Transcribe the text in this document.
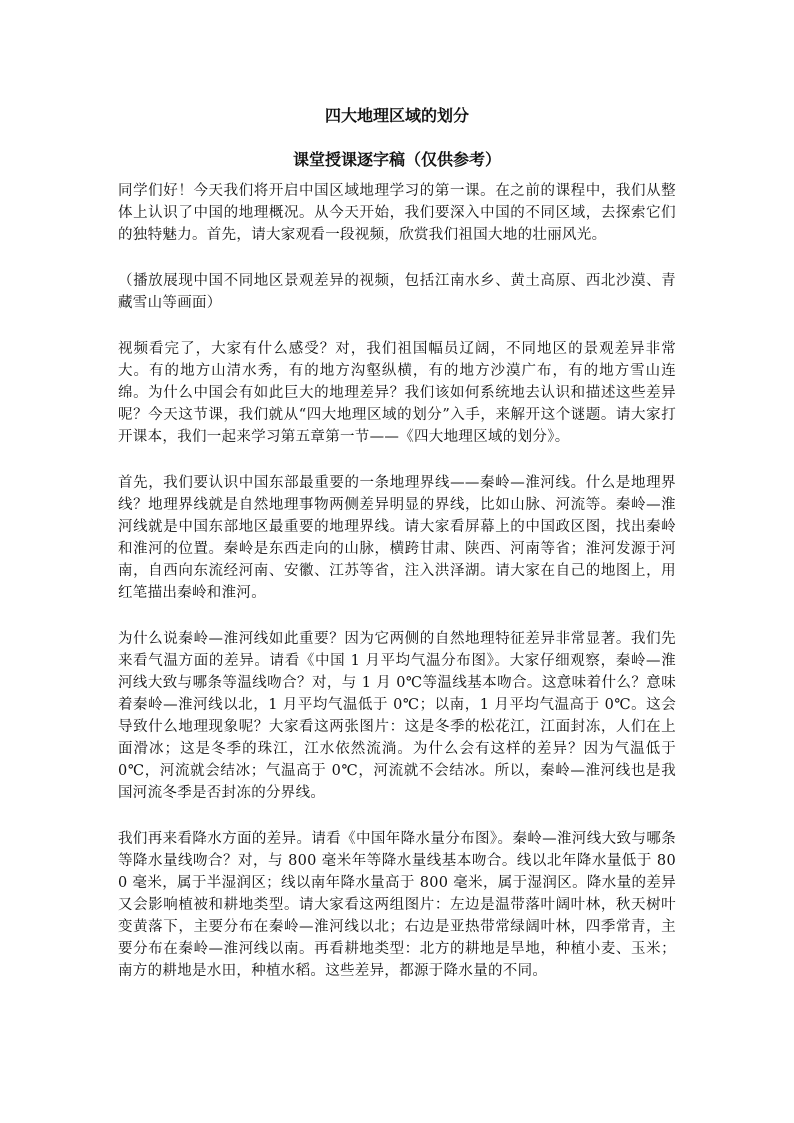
四大地理区域的划分
课堂授课逐字稿（仅供参考）

同学们好！今天我们将开启中国区域地理学习的第一课。在之前的课程中，我们从整体上认识了中国的地理概况。从今天开始，我们要深入中国的不同区域，去探索它们的独特魅力。首先，请大家观看一段视频，欣赏我们祖国大地的壮丽风光。

（播放展现中国不同地区景观差异的视频，包括江南水乡、黄土高原、西北沙漠、青藏雪山等画面）

视频看完了，大家有什么感受？对，我们祖国幅员辽阔，不同地区的景观差异非常大。有的地方山清水秀，有的地方沟壑纵横，有的地方沙漠广布，有的地方雪山连绵。为什么中国会有如此巨大的地理差异？我们该如何系统地去认识和描述这些差异呢？今天这节课，我们就从“四大地理区域的划分”入手，来解开这个谜题。请大家打开课本，我们一起来学习第五章第一节——《四大地理区域的划分》。

首先，我们要认识中国东部最重要的一条地理界线——秦岭—淮河线。什么是地理界线？地理界线就是自然地理事物两侧差异明显的界线，比如山脉、河流等。秦岭—淮河线就是中国东部地区最重要的地理界线。请大家看屏幕上的中国政区图，找出秦岭和淮河的位置。秦岭是东西走向的山脉，横跨甘肃、陕西、河南等省；淮河发源于河南，自西向东流经河南、安徽、江苏等省，注入洪泽湖。请大家在自己的地图上，用红笔描出秦岭和淮河。

为什么说秦岭—淮河线如此重要？因为它两侧的自然地理特征差异非常显著。我们先来看气温方面的差异。请看《中国 1 月平均气温分布图》。大家仔细观察，秦岭—淮河线大致与哪条等温线吻合？对，与 1 月 0℃等温线基本吻合。这意味着什么？意味着秦岭—淮河线以北，1 月平均气温低于 0℃；以南，1 月平均气温高于 0℃。这会导致什么地理现象呢？大家看这两张图片：这是冬季的松花江，江面封冻，人们在上面滑冰；这是冬季的珠江，江水依然流淌。为什么会有这样的差异？因为气温低于 0℃，河流就会结冰；气温高于 0℃，河流就不会结冰。所以，秦岭—淮河线也是我国河流冬季是否封冻的分界线。

我们再来看降水方面的差异。请看《中国年降水量分布图》。秦岭—淮河线大致与哪条等降水量线吻合？对，与 800 毫米年等降水量线基本吻合。线以北年降水量低于 800 毫米，属于半湿润区；线以南年降水量高于 800 毫米，属于湿润区。降水量的差异又会影响植被和耕地类型。请大家看这两组图片：左边是温带落叶阔叶林，秋天树叶变黄落下，主要分布在秦岭—淮河线以北；右边是亚热带常绿阔叶林，四季常青，主要分布在秦岭—淮河线以南。再看耕地类型：北方的耕地是旱地，种植小麦、玉米；南方的耕地是水田，种植水稻。这些差异，都源于降水量的不同。
